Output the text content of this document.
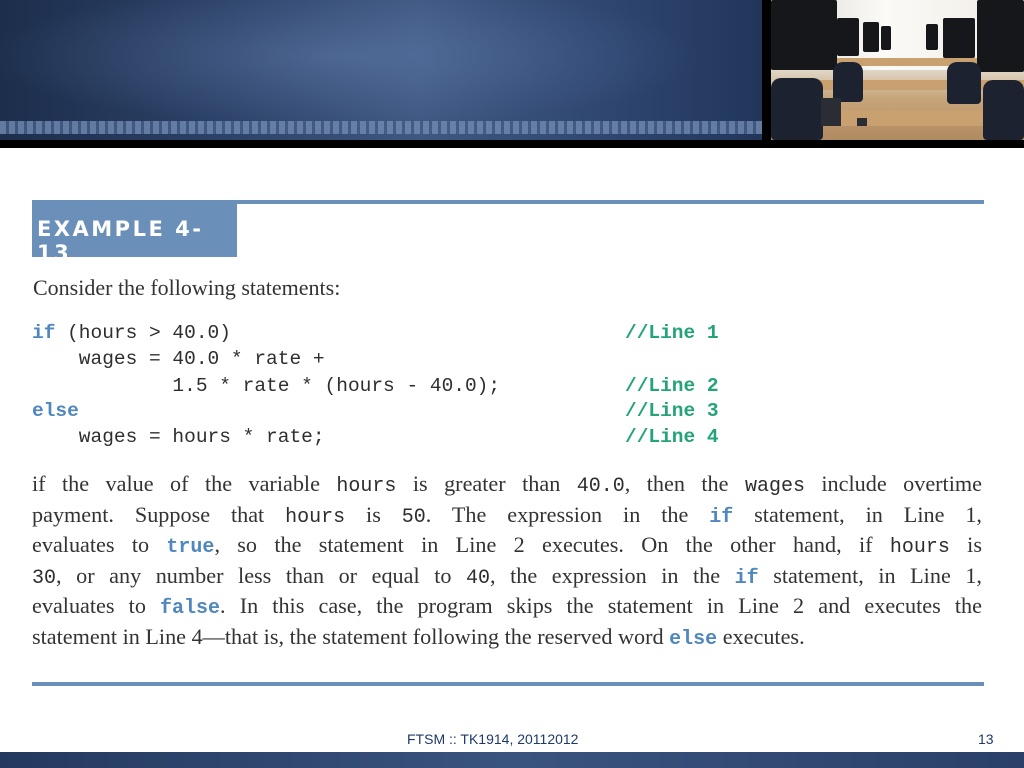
EXAMPLE 4-13
Consider the following statements:
if (hours > 40.0)	//Line 1
wages = 40.0 * rate +
1.5 * rate * (hours - 40.0);	//Line 2
else	//Line 3
wages = hours * rate;	//Line 4
if the value of the variable hours is greater than 40.0, then the wages include overtime
payment. Suppose that hours is 50. The expression in the if statement, in Line 1,
evaluates to true, so the statement in Line 2 executes. On the other hand, if hours is
30, or any number less than or equal to 40, the expression in the if statement, in Line 1,
evaluates to false. In this case, the program skips the statement in Line 2 and executes the
statement in Line 4—that is, the statement following the reserved word else executes.
FTSM :: TK1914, 20112012	13
